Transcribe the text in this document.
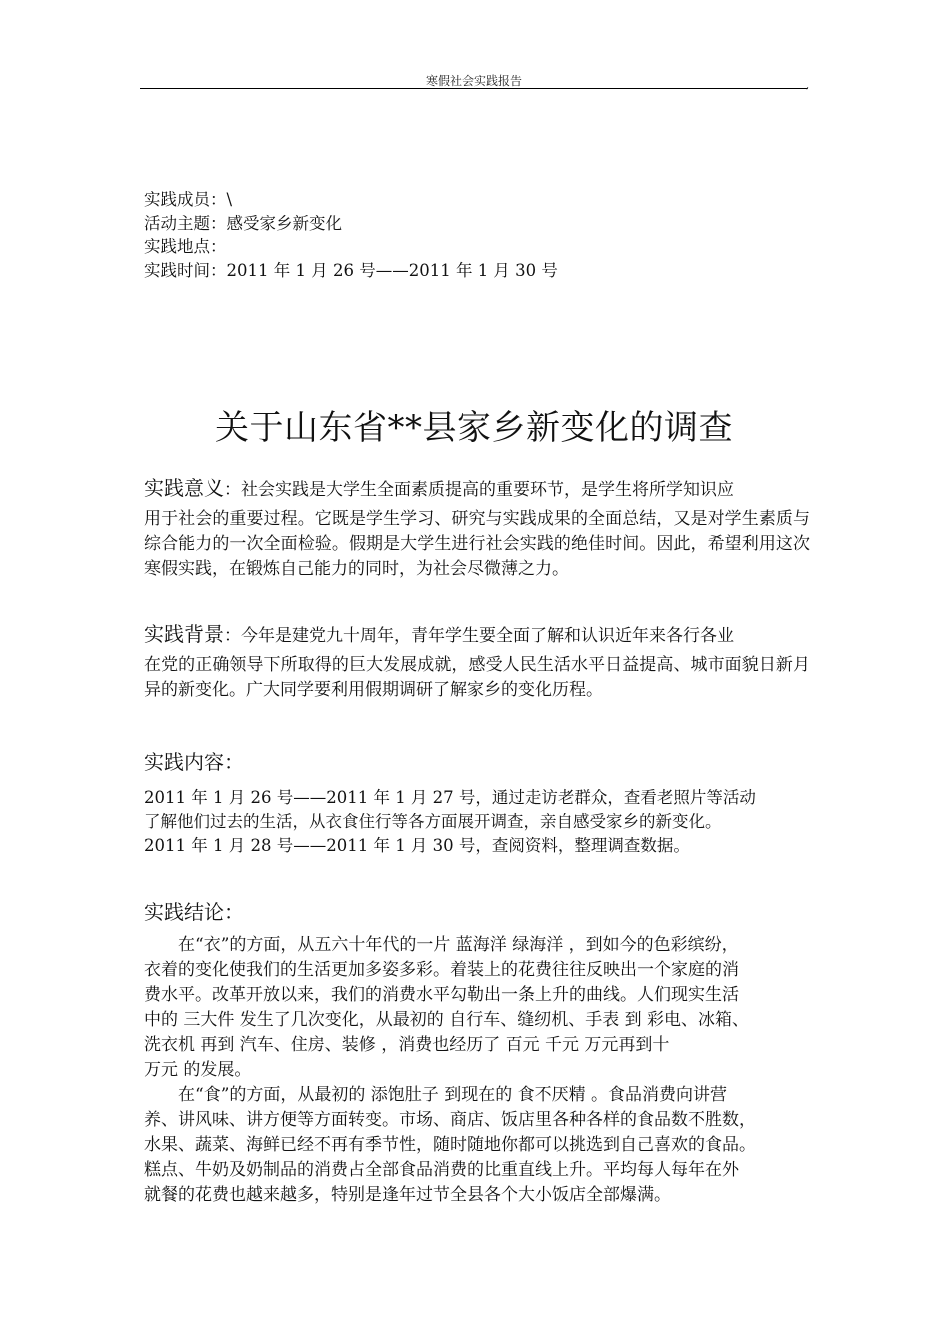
寒假社会实践报告	,
实践成员：\
活动主题：感受家乡新变化
实践地点：
实践时间：2011 年 1 月 26 号——2011 年 1 月 30 号
关于山东省**县家乡新变化的调查
实践意义：社会实践是大学生全面素质提高的重要环节，是学生将所学知识应
用于社会的重要过程。它既是学生学习、研究与实践成果的全面总结，又是对学生素质与综合能力的一次全面检验。假期是大学生进行社会实践的绝佳时间。因此，希望利用这次寒假实践，在锻炼自己能力的同时，为社会尽微薄之力。
实践背景：今年是建党九十周年，青年学生要全面了解和认识近年来各行各业
在党的正确领导下所取得的巨大发展成就，感受人民生活水平日益提高、城市面貌日新月异的新变化。广大同学要利用假期调研了解家乡的变化历程。
实践内容：
2011 年 1 月 26 号——2011 年 1 月 27 号，通过走访老群众，查看老照片等活动
了解他们过去的生活，从衣食住行等各方面展开调查，亲自感受家乡的新变化。
2011 年 1 月 28 号——2011 年 1 月 30 号，查阅资料，整理调查数据。
实践结论：
　　在“衣”的方面，从五六十年代的一片 蓝海洋 绿海洋 ，到如今的色彩缤纷，
衣着的变化使我们的生活更加多姿多彩。着装上的花费往往反映出一个家庭的消
费水平。改革开放以来，我们的消费水平勾勒出一条上升的曲线。人们现实生活
中的 三大件 发生了几次变化，从最初的 自行车、缝纫机、手表 到 彩电、冰箱、
洗衣机 再到 汽车、住房、装修 ，消费也经历了 百元 千元 万元再到十
万元 的发展。
　　在“食”的方面，从最初的 添饱肚子 到现在的 食不厌精 。食品消费向讲营
养、讲风味、讲方便等方面转变。市场、商店、饭店里各种各样的食品数不胜数，
水果、蔬菜、海鲜已经不再有季节性，随时随地你都可以挑选到自己喜欢的食品。
糕点、牛奶及奶制品的消费占全部食品消费的比重直线上升。平均每人每年在外
就餐的花费也越来越多，特别是逢年过节全县各个大小饭店全部爆满。
